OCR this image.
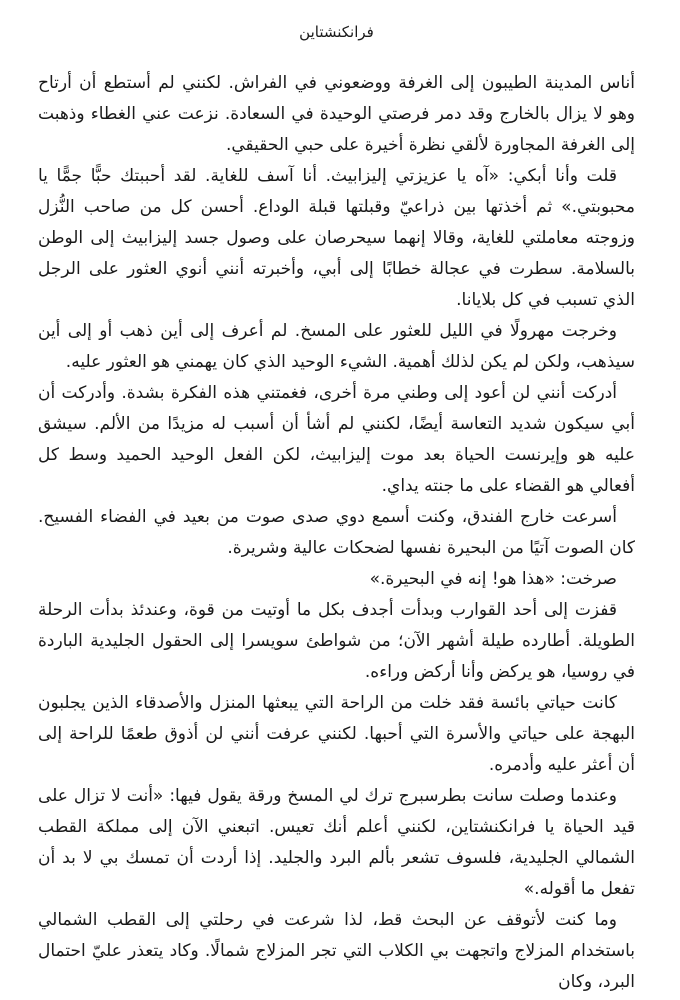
فرانكنشتاين

أناس المدينة الطيبون إلى الغرفة ووضعوني في الفراش. لكنني لم أستطع أن أرتاح وهو لا يزال بالخارج وقد دمر فرصتي الوحيدة في السعادة. نزعت عني الغطاء وذهبت إلى الغرفة المجاورة لألقي نظرة أخيرة على حبي الحقيقي.

قلت وأنا أبكي: «آه يا عزيزتي إليزابيث. أنا آسف للغاية. لقد أحببتك حبًّا جمًّا يا محبوبتي.» ثم أخذتها بين ذراعيّ وقبلتها قبلة الوداع. أحسن كل من صاحب النُّزل وزوجته معاملتي للغاية، وقالا إنهما سيحرصان على وصول جسد إليزابيث إلى الوطن بالسلامة. سطرت في عجالة خطابًا إلى أبي، وأخبرته أنني أنوي العثور على الرجل الذي تسبب في كل بلايانا.

وخرجت مهرولًا في الليل للعثور على المسخ. لم أعرف إلى أين ذهب أو إلى أين سيذهب، ولكن لم يكن لذلك أهمية. الشيء الوحيد الذي كان يهمني هو العثور عليه.

أدركت أنني لن أعود إلى وطني مرة أخرى، فغمتني هذه الفكرة بشدة. وأدركت أن أبي سيكون شديد التعاسة أيضًا، لكنني لم أشأ أن أسبب له مزيدًا من الألم. سيشق عليه هو وإيرنست الحياة بعد موت إليزابيث، لكن الفعل الوحيد الحميد وسط كل أفعالي هو القضاء على ما جنته يداي.

أسرعت خارج الفندق، وكنت أسمع دوي صدى صوت من بعيد في الفضاء الفسيح. كان الصوت آتيًا من البحيرة نفسها لضحكات عالية وشريرة.

صرخت: «هذا هو! إنه في البحيرة.»

قفزت إلى أحد القوارب وبدأت أجدف بكل ما أوتيت من قوة، وعندئذ بدأت الرحلة الطويلة. أطارده طيلة أشهر الآن؛ من شواطئ سويسرا إلى الحقول الجليدية الباردة في روسيا، هو يركض وأنا أركض وراءه.

كانت حياتي بائسة فقد خلت من الراحة التي يبعثها المنزل والأصدقاء الذين يجلبون البهجة على حياتي والأسرة التي أحبها. لكنني عرفت أنني لن أذوق طعمًا للراحة إلى أن أعثر عليه وأدمره.

وعندما وصلت سانت بطرسبرج ترك لي المسخ ورقة يقول فيها: «أنت لا تزال على قيد الحياة يا فرانكنشتاين، لكنني أعلم أنك تعيس. اتبعني الآن إلى مملكة القطب الشمالي الجليدية، فلسوف تشعر بألم البرد والجليد. إذا أردت أن تمسك بي لا بد أن تفعل ما أقوله.»

وما كنت لأتوقف عن البحث قط، لذا شرعت في رحلتي إلى القطب الشمالي باستخدام المزلاج واتجهت بي الكلاب التي تجر المزلاج شمالًا. وكاد يتعذر عليّ احتمال البرد، وكان
